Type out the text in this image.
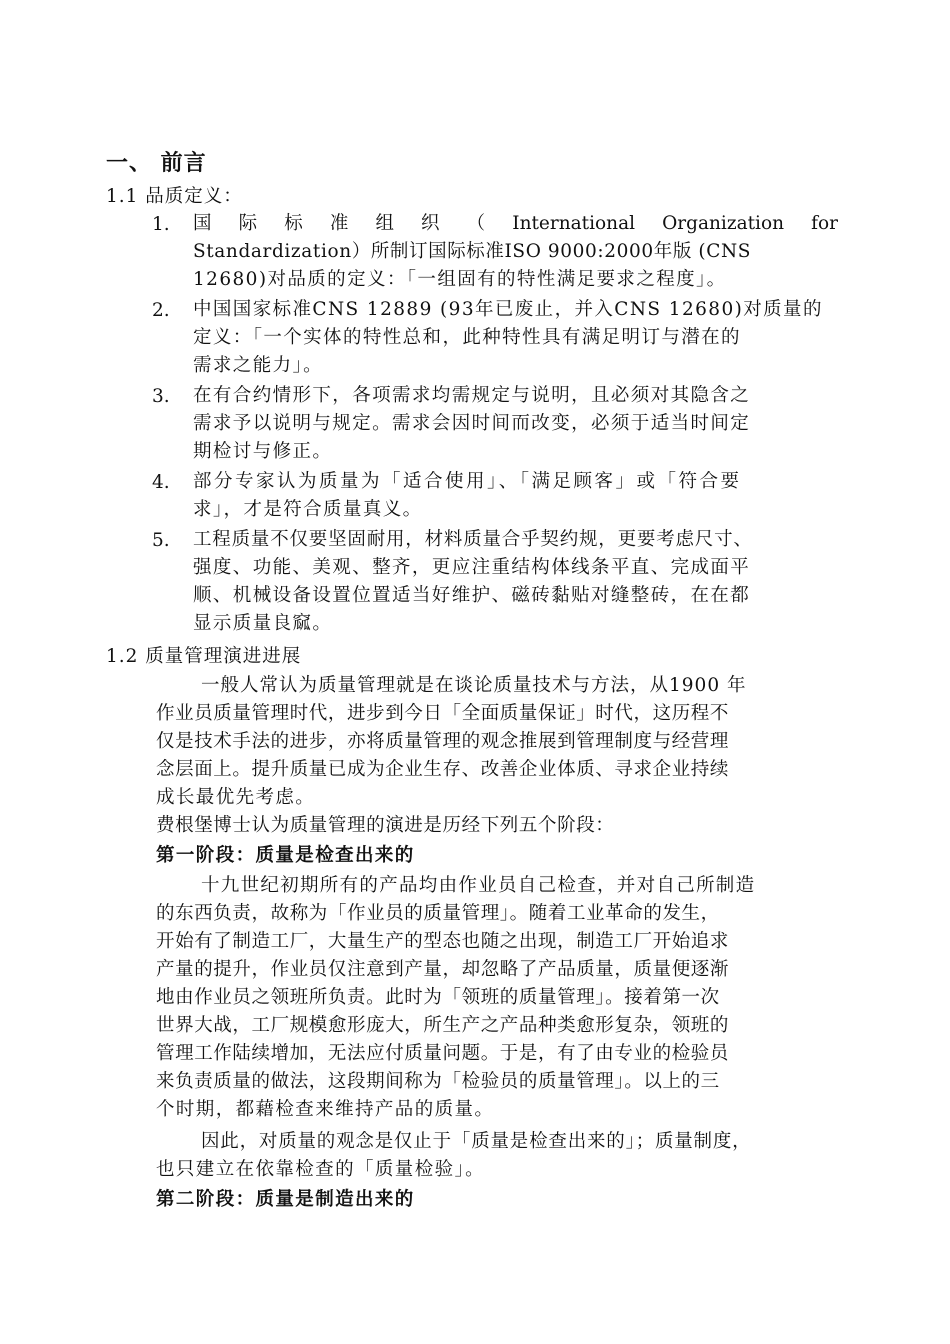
一、 前言
1.1 品质定义：
1. 国 际 标 准 组 织 （ International Organization for
Standardization）所制订国际标准ISO 9000:2000年版 (CNS
12680)对品质的定义：「一组固有的特性满足要求之程度」。
2. 中国国家标准CNS 12889 (93年已废止，并入CNS 12680)对质量的
定义：「一个实体的特性总和，此种特性具有满足明订与潜在的
需求之能力」。
3. 在有合约情形下，各项需求均需规定与说明，且必须对其隐含之
需求予以说明与规定。需求会因时间而改变，必须于适当时间定
期检讨与修正。
4. 部分专家认为质量为「适合使用」、「满足顾客」或「符合要
求」，才是符合质量真义。
5. 工程质量不仅要坚固耐用，材料质量合乎契约规，更要考虑尺寸、
强度、功能、美观、整齐，更应注重结构体线条平直、完成面平
顺、机械设备设置位置适当好维护、磁砖黏贴对缝整砖，在在都
显示质量良窳。
1.2 质量管理演进进展
一般人常认为质量管理就是在谈论质量技术与方法，从1900 年
作业员质量管理时代，进步到今日「全面质量保证」时代，这历程不
仅是技术手法的进步，亦将质量管理的观念推展到管理制度与经营理
念层面上。提升质量已成为企业生存、改善企业体质、寻求企业持续
成长最优先考虑。
费根堡博士认为质量管理的演进是历经下列五个阶段：
第一阶段：质量是检查出来的
十九世纪初期所有的产品均由作业员自己检查，并对自己所制造
的东西负责，故称为「作业员的质量管理」。随着工业革命的发生，
开始有了制造工厂，大量生产的型态也随之出现，制造工厂开始追求
产量的提升，作业员仅注意到产量，却忽略了产品质量，质量便逐渐
地由作业员之领班所负责。此时为「领班的质量管理」。接着第一次
世界大战，工厂规模愈形庞大，所生产之产品种类愈形复杂，领班的
管理工作陆续增加，无法应付质量问题。于是，有了由专业的检验员
来负责质量的做法，这段期间称为「检验员的质量管理」。以上的三
个时期，都藉检查来维持产品的质量。
因此，对质量的观念是仅止于「质量是检查出来的」；质量制度，
也只建立在依靠检查的「质量检验」。
第二阶段：质量是制造出来的
